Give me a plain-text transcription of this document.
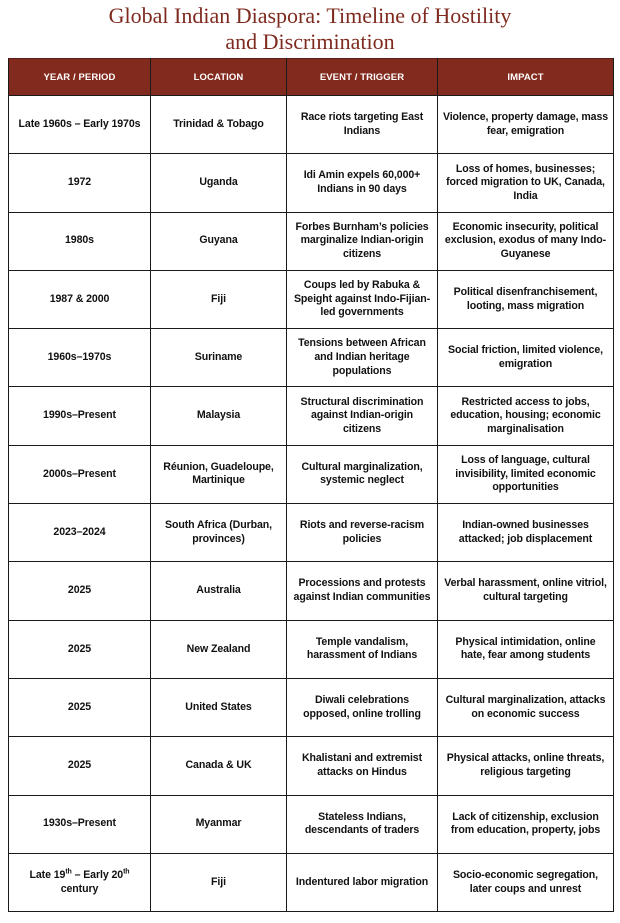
Global Indian Diaspora: Timeline of Hostility
and Discrimination
YEAR / PERIOD	LOCATION	EVENT / TRIGGER	IMPACT
Late 1960s – Early 1970s	Trinidad & Tobago	Race riots targeting East Indians	Violence, property damage, mass fear, emigration
1972	Uganda	Idi Amin expels 60,000+ Indians in 90 days	Loss of homes, businesses; forced migration to UK, Canada, India
1980s	Guyana	Forbes Burnham’s policies marginalize Indian-origin citizens	Economic insecurity, political exclusion, exodus of many Indo-Guyanese
1987 & 2000	Fiji	Coups led by Rabuka & Speight against Indo-Fijian-led governments	Political disenfranchisement, looting, mass migration
1960s–1970s	Suriname	Tensions between African and Indian heritage populations	Social friction, limited violence, emigration
1990s–Present	Malaysia	Structural discrimination against Indian-origin citizens	Restricted access to jobs, education, housing; economic marginalisation
2000s–Present	Réunion, Guadeloupe, Martinique	Cultural marginalization, systemic neglect	Loss of language, cultural invisibility, limited economic opportunities
2023–2024	South Africa (Durban, provinces)	Riots and reverse-racism policies	Indian-owned businesses attacked; job displacement
2025	Australia	Processions and protests against Indian communities	Verbal harassment, online vitriol, cultural targeting
2025	New Zealand	Temple vandalism, harassment of Indians	Physical intimidation, online hate, fear among students
2025	United States	Diwali celebrations opposed, online trolling	Cultural marginalization, attacks on economic success
2025	Canada & UK	Khalistani and extremist attacks on Hindus	Physical attacks, online threats, religious targeting
1930s–Present	Myanmar	Stateless Indians, descendants of traders	Lack of citizenship, exclusion from education, property, jobs
Late 19th – Early 20th
century	Fiji	Indentured labor migration	Socio-economic segregation, later coups and unrest
